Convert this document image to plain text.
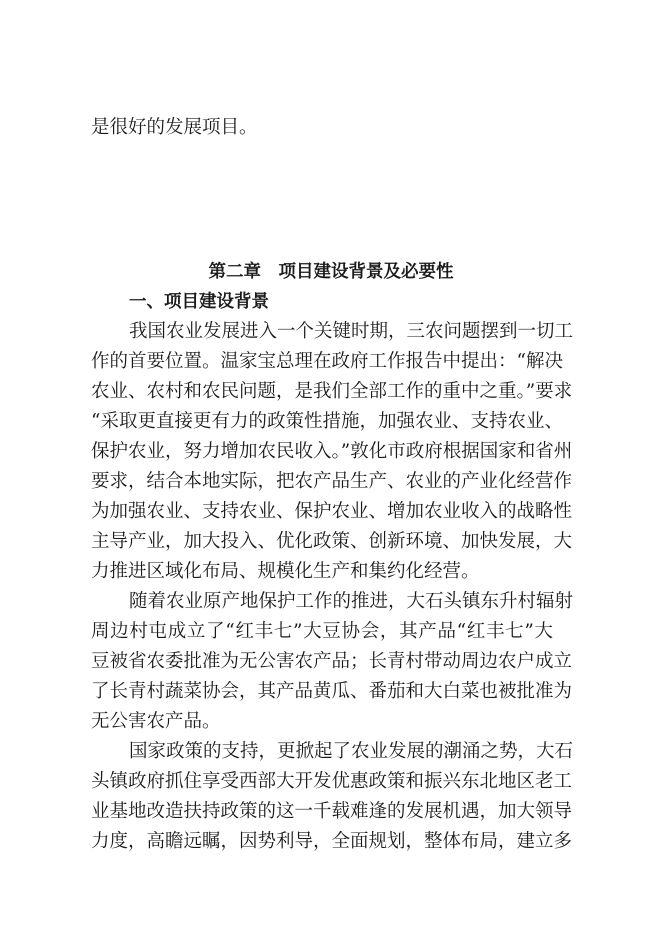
是很好的发展项目。
第二章　项目建设背景及必要性
一、项目建设背景
我国农业发展进入一个关键时期，三农问题摆到一切工
作的首要位置。温家宝总理在政府工作报告中提出：“解决
农业、农村和农民问题，是我们全部工作的重中之重。”要求
“采取更直接更有力的政策性措施，加强农业、支持农业、
保护农业，努力增加农民收入。”敦化市政府根据国家和省州
要求，结合本地实际，把农产品生产、农业的产业化经营作
为加强农业、支持农业、保护农业、增加农业收入的战略性
主导产业，加大投入、优化政策、创新环境、加快发展，大
力推进区域化布局、规模化生产和集约化经营。
随着农业原产地保护工作的推进，大石头镇东升村辐射
周边村屯成立了“红丰七”大豆协会，其产品“红丰七”大
豆被省农委批准为无公害农产品；长青村带动周边农户成立
了长青村蔬菜协会，其产品黄瓜、番茄和大白菜也被批准为
无公害农产品。
国家政策的支持，更掀起了农业发展的潮涌之势，大石
头镇政府抓住享受西部大开发优惠政策和振兴东北地区老工
业基地改造扶持政策的这一千载难逢的发展机遇，加大领导
力度，高瞻远瞩，因势利导，全面规划，整体布局，建立多
